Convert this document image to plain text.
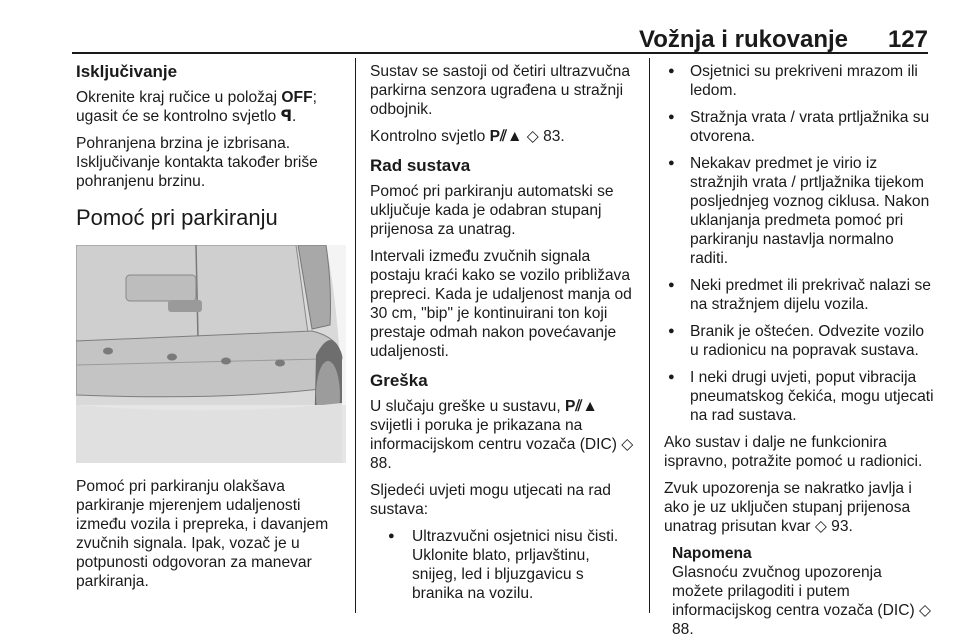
Vožnja i rukovanje 127
Isključivanje

Okrenite kraj ručice u položaj OFF; ugasit će se kontrolno svjetlo ꟼ.

Pohranjena brzina je izbrisana.

Isključivanje kontakta također briše pohranjenu brzinu.

Pomoć pri parkiranju

Pomoć pri parkiranju olakšava parkiranje mjerenjem udaljenosti između vozila i prepreka, i davanjem zvučnih signala. Ipak, vozač je u potpunosti odgovoran za manevar parkiranja.

Sustav se sastoji od četiri ultrazvučna parkirna senzora ugrađena u stražnji odbojnik.

Kontrolno svjetlo P⫽▲ ◇ 83.

Rad sustava

Pomoć pri parkiranju automatski se uključuje kada je odabran stupanj prijenosa za unatrag.

Intervali između zvučnih signala postaju kraći kako se vozilo približava prepreci. Kada je udaljenost manja od 30 cm, "bip" je kontinuirani ton koji prestaje odmah nakon povećavanje udaljenosti.

Greška

U slučaju greške u sustavu, P⫽▲ svijetli i poruka je prikazana na informacijskom centru vozača (DIC) ◇ 88.

Sljedeći uvjeti mogu utjecati na rad sustava:

● Ultrazvučni osjetnici nisu čisti. Uklonite blato, prljavštinu, snijeg, led i bljuzgavicu s branika na vozilu.
● Osjetnici su prekriveni mrazom ili ledom.
● Stražnja vrata / vrata prtljažnika su otvorena.
● Nekakav predmet je virio iz stražnjih vrata / prtljažnika tijekom posljednjeg voznog ciklusa. Nakon uklanjanja predmeta pomoć pri parkiranju nastavlja normalno raditi.
● Neki predmet ili prekrivač nalazi se na stražnjem dijelu vozila.
● Branik je oštećen. Odvezite vozilo u radionicu na popravak sustava.
● I neki drugi uvjeti, poput vibracija pneumatskog čekića, mogu utjecati na rad sustava.

Ako sustav i dalje ne funkcionira ispravno, potražite pomoć u radionici.

Zvuk upozorenja se nakratko javlja i ako je uz uključen stupanj prijenosa unatrag prisutan kvar ◇ 93.

Napomena
Glasnoću zvučnog upozorenja možete prilagoditi i putem informacijskog centra vozača (DIC) ◇ 88.
